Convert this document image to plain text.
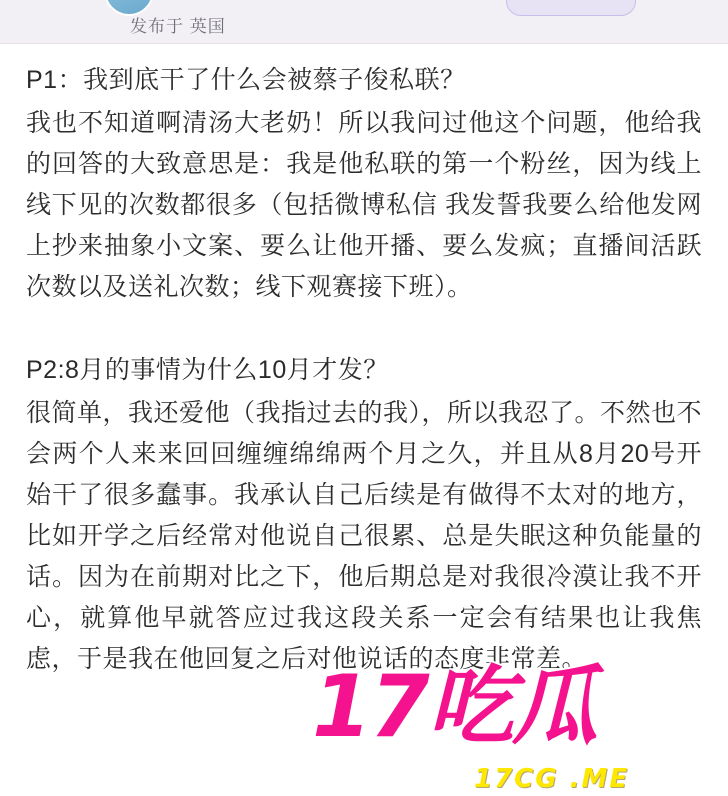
发布于 英国

P1：我到底干了什么会被蔡子俊私联？

我也不知道啊清汤大老奶！所以我问过他这个问题，他给我的回答的大致意思是：我是他私联的第一个粉丝，因为线上线下见的次数都很多（包括微博私信 我发誓我要么给他发网上抄来抽象小文案、要么让他开播、要么发疯；直播间活跃次数以及送礼次数；线下观赛接下班）。

P2:8月的事情为什么10月才发？

很简单，我还爱他（我指过去的我），所以我忍了。不然也不会两个人来来回回缠缠绵绵两个月之久，并且从8月20号开始干了很多蠢事。我承认自己后续是有做得不太对的地方，比如开学之后经常对他说自己很累、总是失眠这种负能量的话。因为在前期对比之下，他后期总是对我很冷漠让我不开心，就算他早就答应过我这段关系一定会有结果也让我焦虑，于是我在他回复之后对他说话的态度非常差。

17吃瓜
17CG .ME
